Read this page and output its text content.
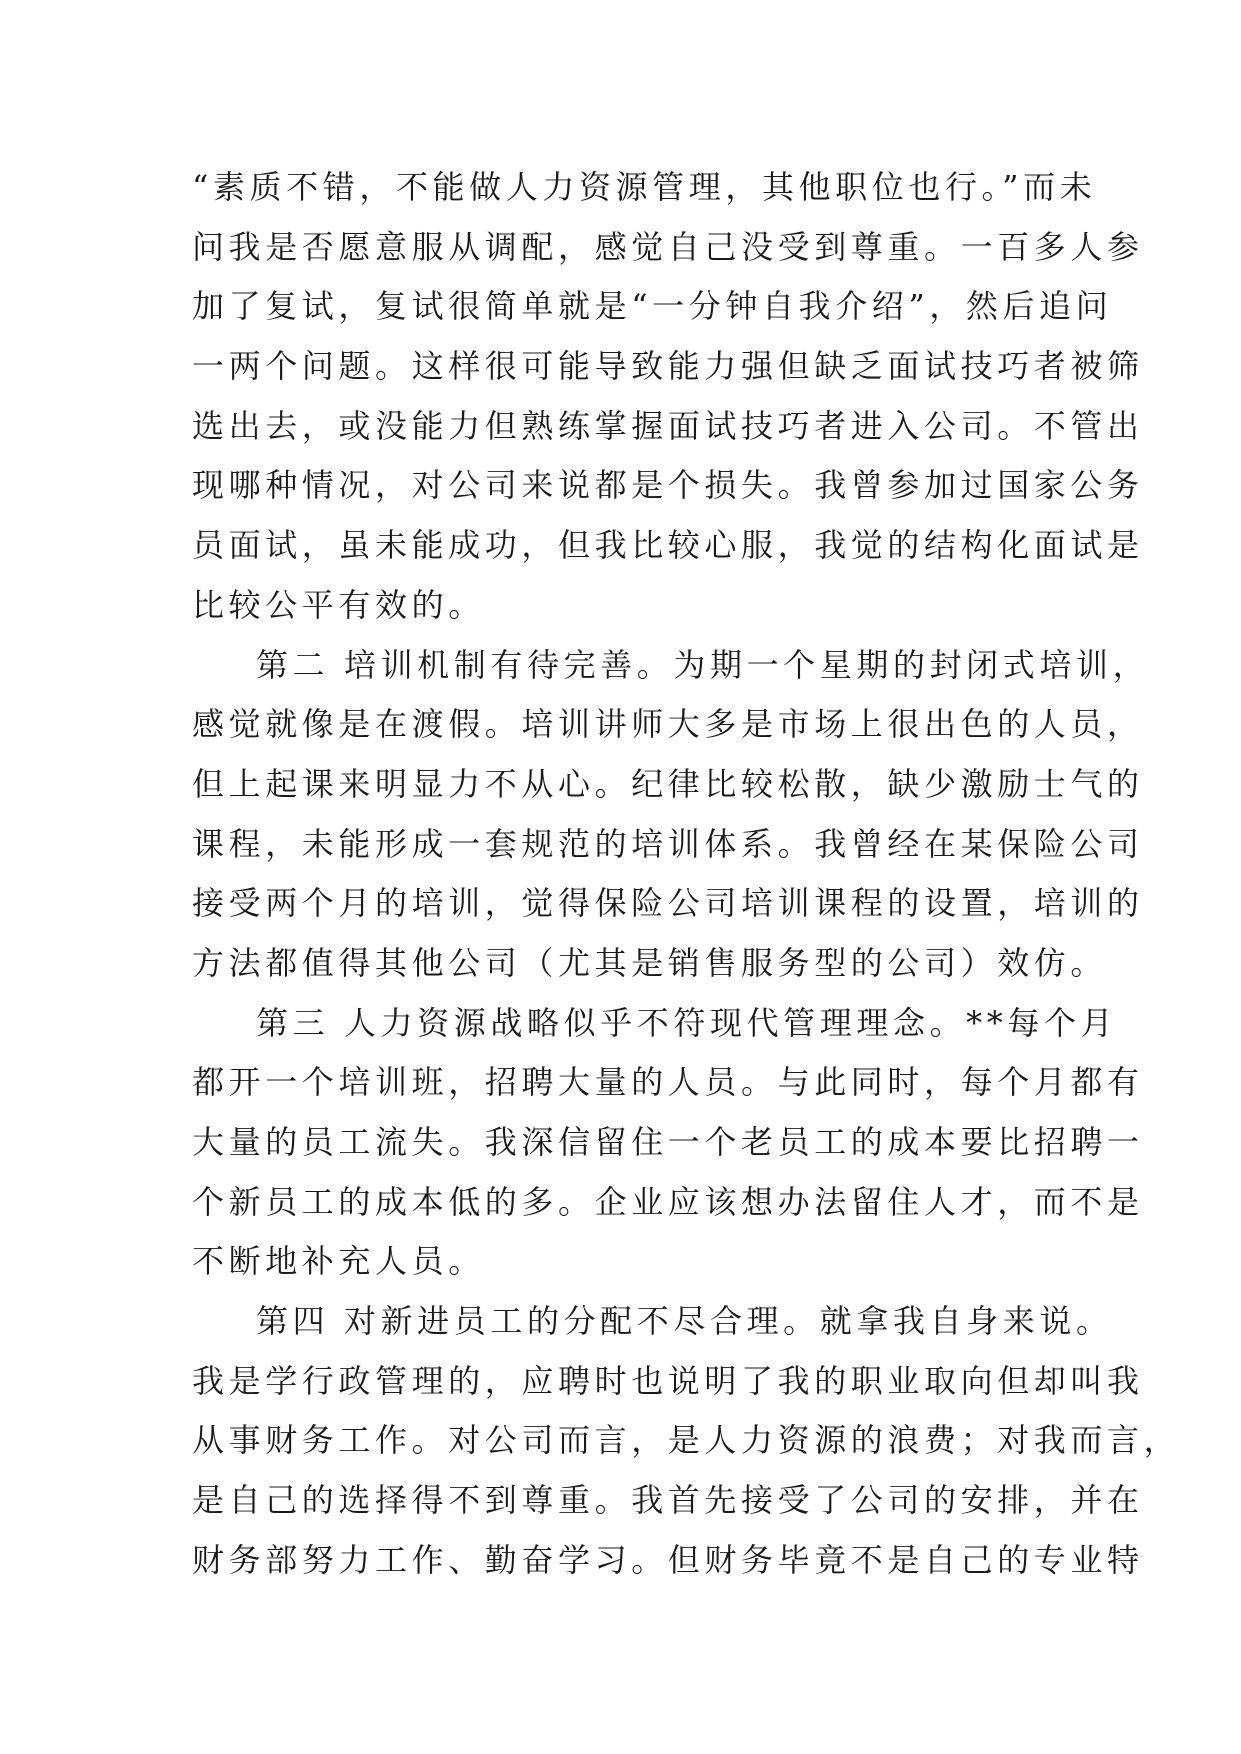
“素质不错，不能做人力资源管理，其他职位也行。”而未
问我是否愿意服从调配，感觉自己没受到尊重。一百多人参
加了复试，复试很简单就是“一分钟自我介绍”，然后追问
一两个问题。这样很可能导致能力强但缺乏面试技巧者被筛
选出去，或没能力但熟练掌握面试技巧者进入公司。不管出
现哪种情况，对公司来说都是个损失。我曾参加过国家公务
员面试，虽未能成功，但我比较心服，我觉的结构化面试是
比较公平有效的。
第二 培训机制有待完善。为期一个星期的封闭式培训，
感觉就像是在渡假。培训讲师大多是市场上很出色的人员，
但上起课来明显力不从心。纪律比较松散，缺少激励士气的
课程，未能形成一套规范的培训体系。我曾经在某保险公司
接受两个月的培训，觉得保险公司培训课程的设置，培训的
方法都值得其他公司（尤其是销售服务型的公司）效仿。
第三 人力资源战略似乎不符现代管理理念。**每个月
都开一个培训班，招聘大量的人员。与此同时，每个月都有
大量的员工流失。我深信留住一个老员工的成本要比招聘一
个新员工的成本低的多。企业应该想办法留住人才，而不是
不断地补充人员。
第四 对新进员工的分配不尽合理。就拿我自身来说。
我是学行政管理的，应聘时也说明了我的职业取向但却叫我
从事财务工作。对公司而言，是人力资源的浪费；对我而言，
是自己的选择得不到尊重。我首先接受了公司的安排，并在
财务部努力工作、勤奋学习。但财务毕竟不是自己的专业特
